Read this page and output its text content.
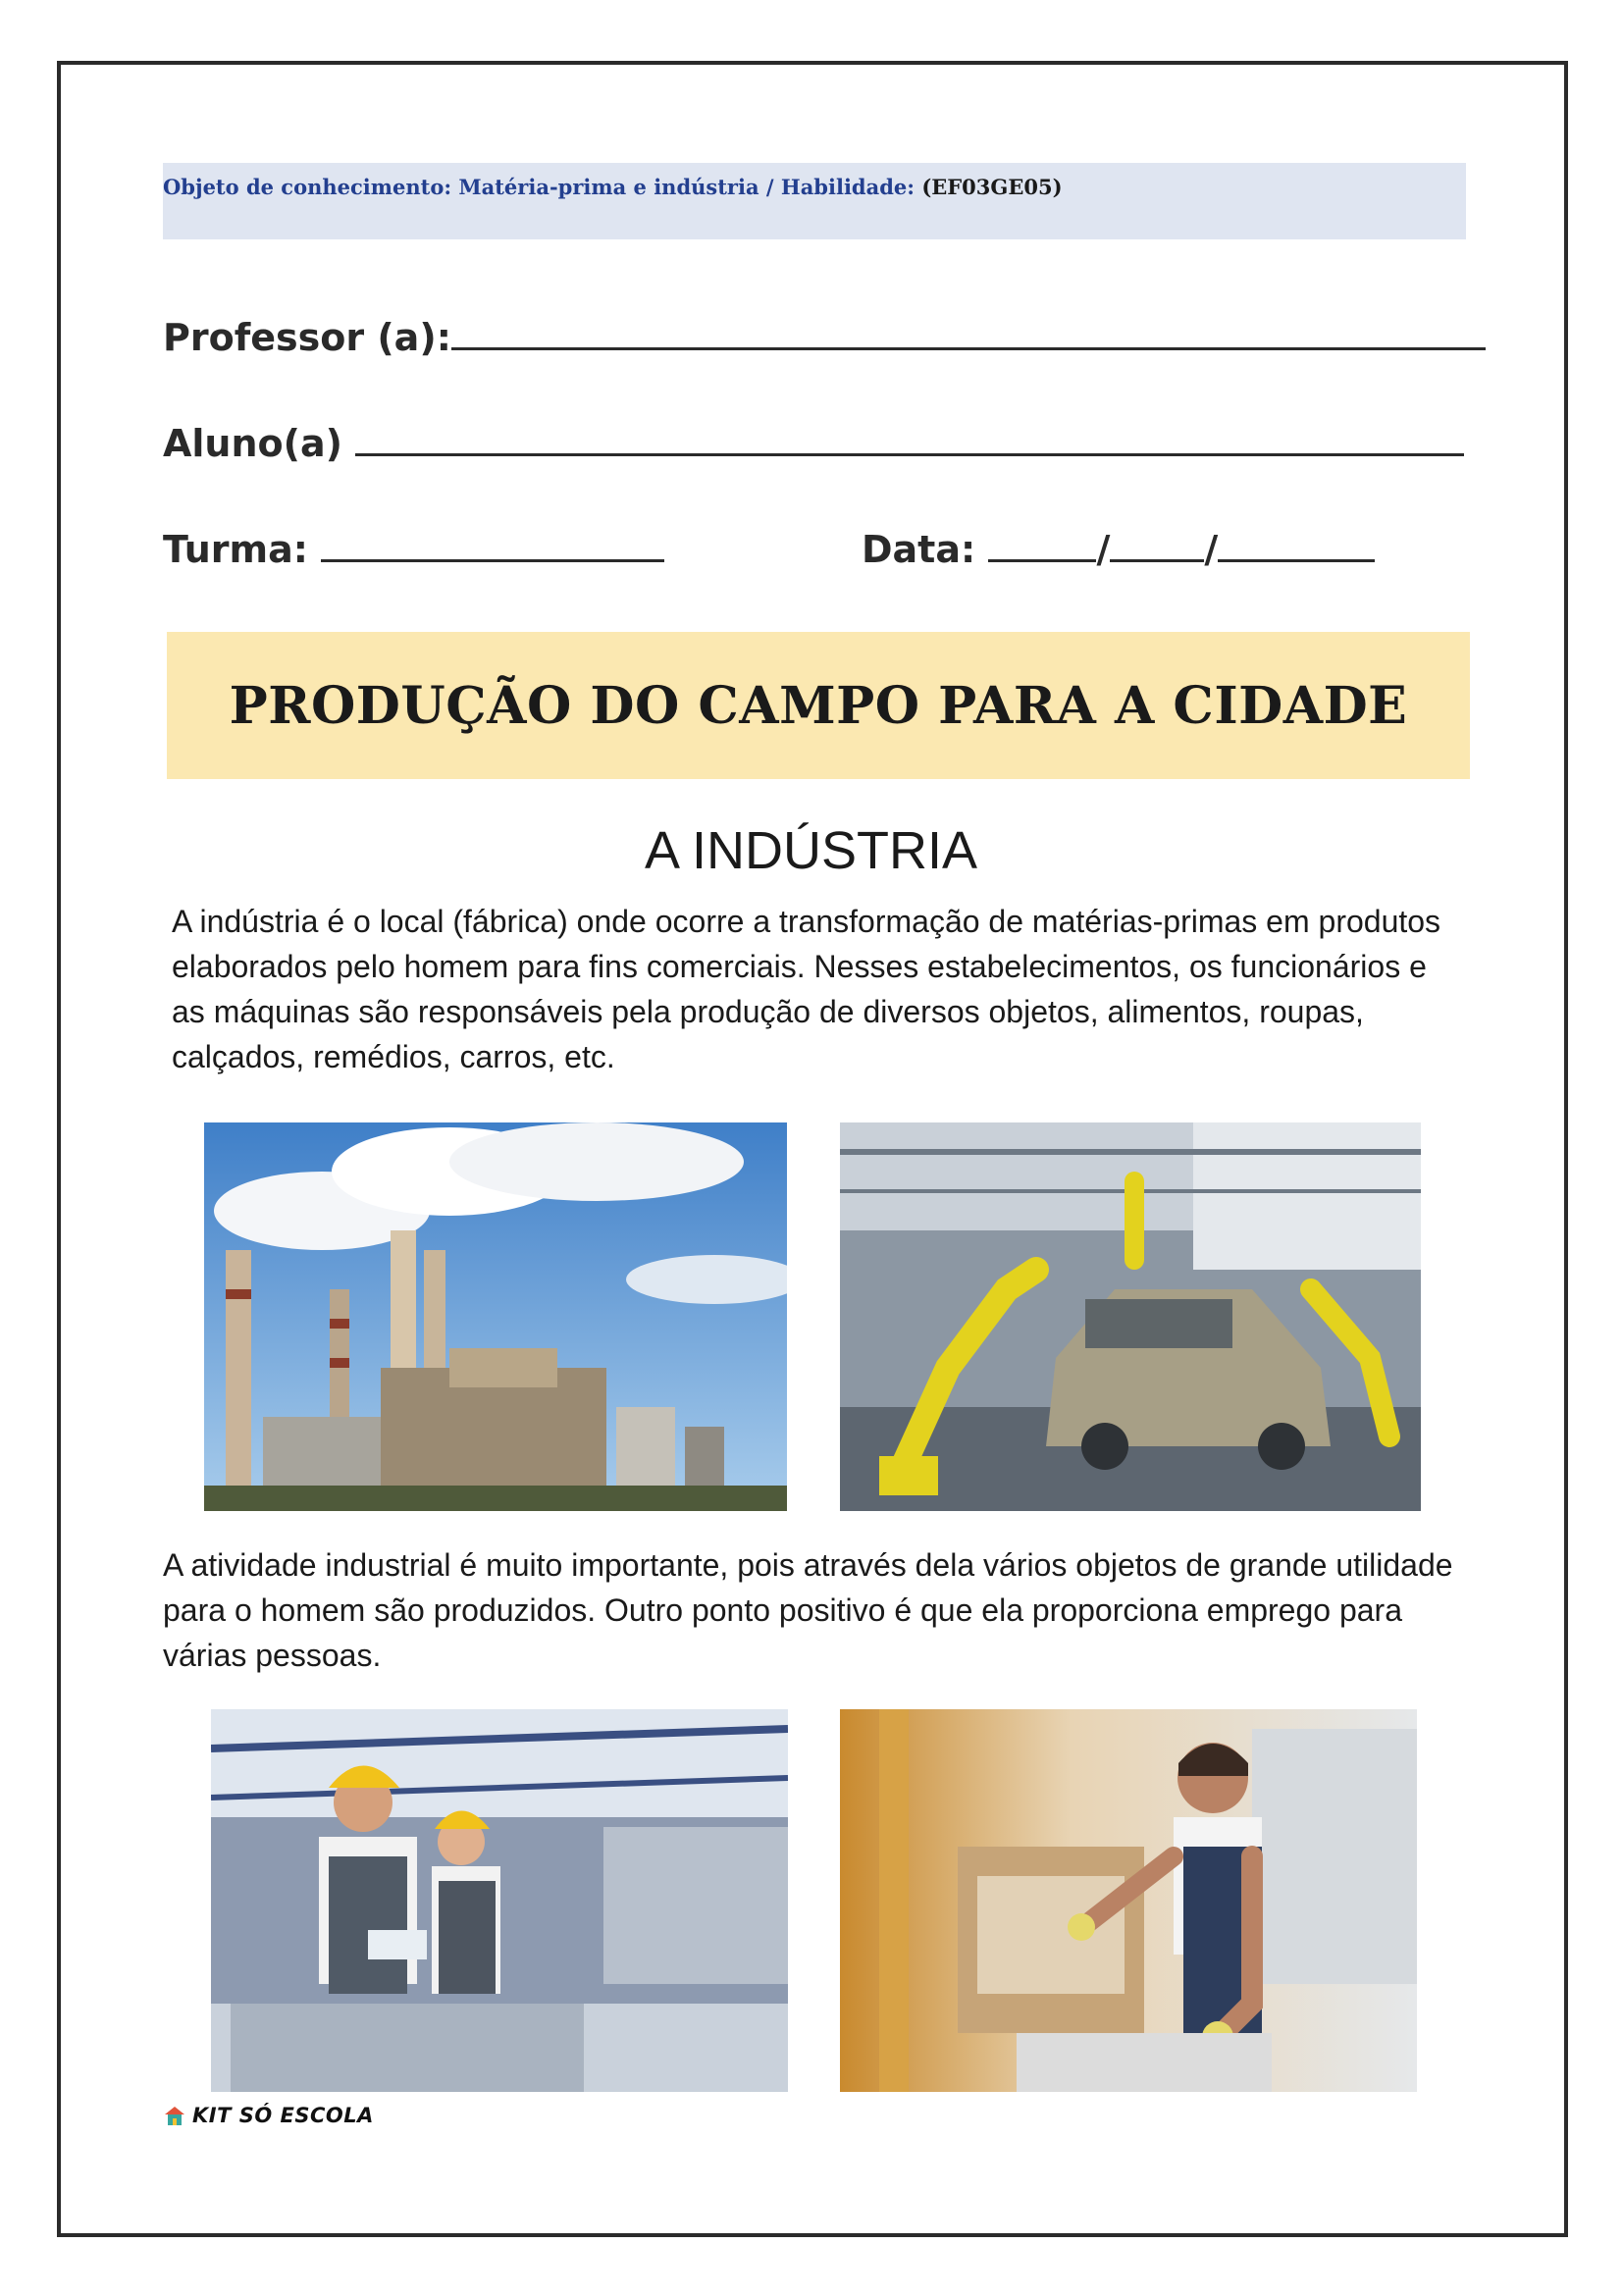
Objeto de conhecimento: Matéria-prima e indústria / Habilidade: (EF03GE05)
Professor (a):
Aluno(a)
Turma:	Data:	/	/
PRODUÇÃO DO CAMPO PARA A CIDADE
A INDÚSTRIA
A indústria é o local (fábrica) onde ocorre a transformação de matérias-primas em produtos elaborados pelo homem para fins comerciais. Nesses estabelecimentos, os funcionários e as máquinas são responsáveis pela produção de diversos objetos, alimentos, roupas, calçados, remédios, carros, etc.
A atividade industrial é muito importante, pois através dela vários objetos de grande utilidade para o homem são produzidos. Outro ponto positivo é que ela proporciona emprego para várias pessoas.
KIT SÓ ESCOLA
